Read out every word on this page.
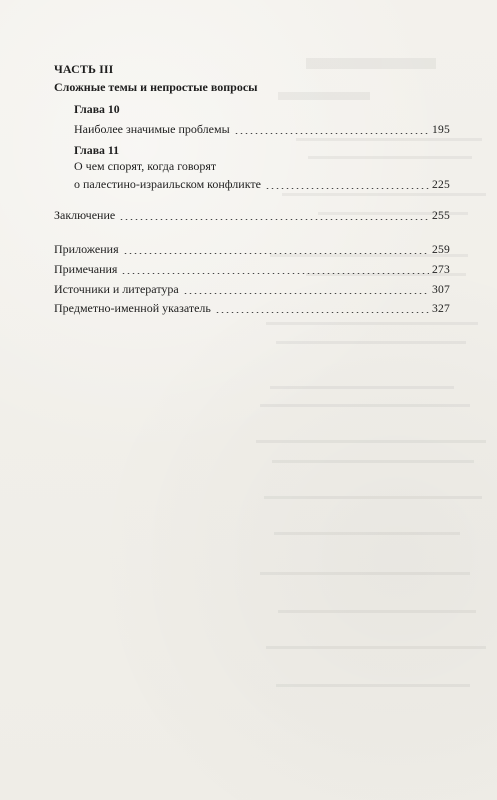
ЧАСТЬ III
Сложные темы и непростые вопросы
Глава 10
Наиболее значимые проблемы	195
Глава 11
О чем спорят, когда говорят
о палестино-израильском конфликте	225
Заключение	255
Приложения	259
Примечания	273
Источники и литература	307
Предметно-именной указатель	327
